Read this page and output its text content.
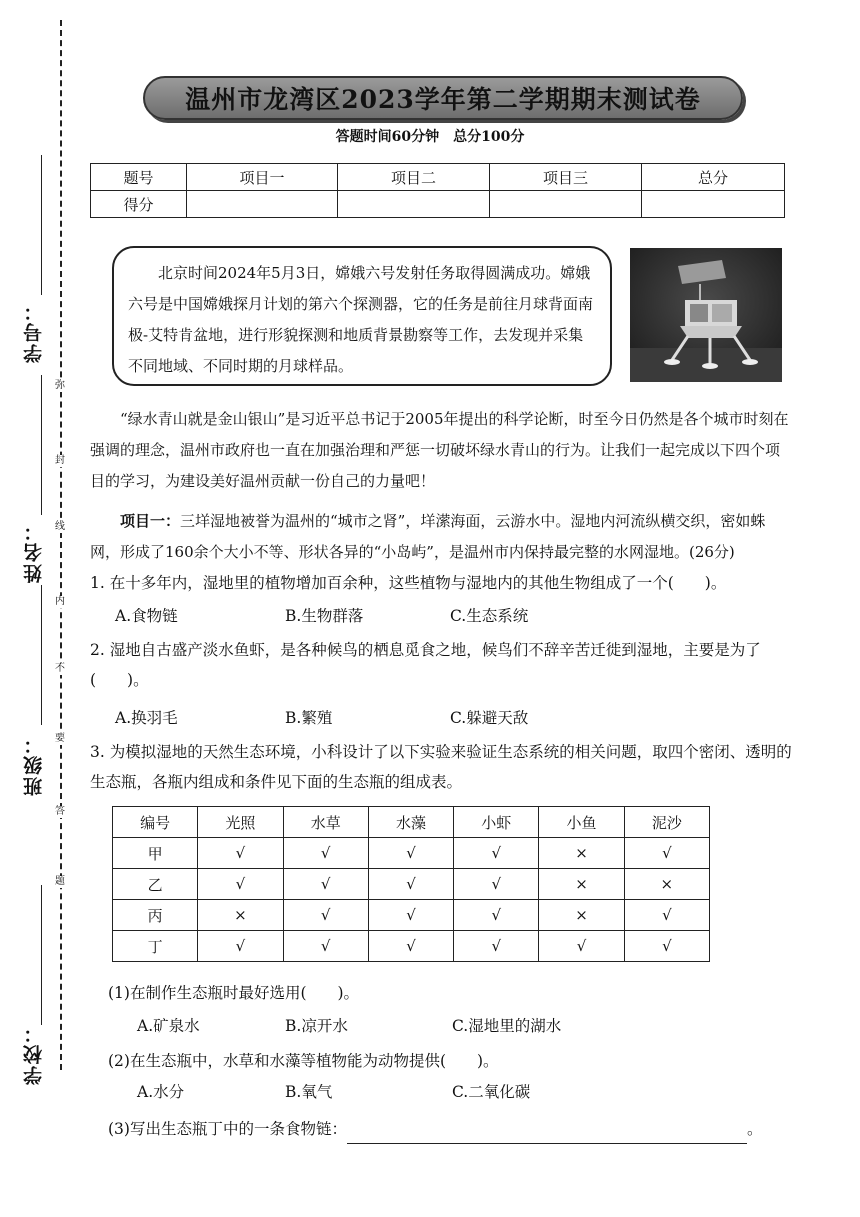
弥
封
线
内
不
要
答
题
学号：
姓名：
班级：
学校：
温州市龙湾区2023学年第二学期期末测试卷
答题时间60分钟　总分100分
题号	项目一	项目二	项目三	总分
得分				

北京时间2024年5月3日，嫦娥六号发射任务取得圆满成功。嫦娥六号是中国嫦娥探月计划的第六个探测器，它的任务是前往月球背面南极-艾特肯盆地，进行形貌探测和地质背景勘察等工作，去发现并采集不同地域、不同时期的月球样品。

“绿水青山就是金山银山”是习近平总书记于2005年提出的科学论断，时至今日仍然是各个城市时刻在强调的理念，温州市政府也一直在加强治理和严惩一切破坏绿水青山的行为。让我们一起完成以下四个项目的学习，为建设美好温州贡献一份自己的力量吧！

项目一：三垟湿地被誉为温州的“城市之肾”，垟潆海面，云游水中。湿地内河流纵横交织，密如蛛网，形成了160余个大小不等、形状各异的“小岛屿”，是温州市内保持最完整的水网湿地。(26分)

1. 在十多年内，湿地里的植物增加百余种，这些植物与湿地内的其他生物组成了一个(　　)。
A.食物链	B.生物群落	C.生态系统
2. 湿地自古盛产淡水鱼虾，是各种候鸟的栖息觅食之地，候鸟们不辞辛苦迁徙到湿地，主要是为了(　　)。
A.换羽毛	B.繁殖	C.躲避天敌
3. 为模拟湿地的天然生态环境，小科设计了以下实验来验证生态系统的相关问题，取四个密闭、透明的生态瓶，各瓶内组成和条件见下面的生态瓶的组成表。
编号	光照	水草	水藻	小虾	小鱼	泥沙
甲	√	√	√	√	×	√
乙	√	√	√	√	×	×
丙	×	√	√	√	×	√
丁	√	√	√	√	√	√
(1)在制作生态瓶时最好选用(　　)。
A.矿泉水	B.凉开水	C.湿地里的湖水
(2)在生态瓶中，水草和水藻等植物能为动物提供(　　)。
A.水分	B.氧气	C.二氧化碳
(3)写出生态瓶丁中的一条食物链：	。
